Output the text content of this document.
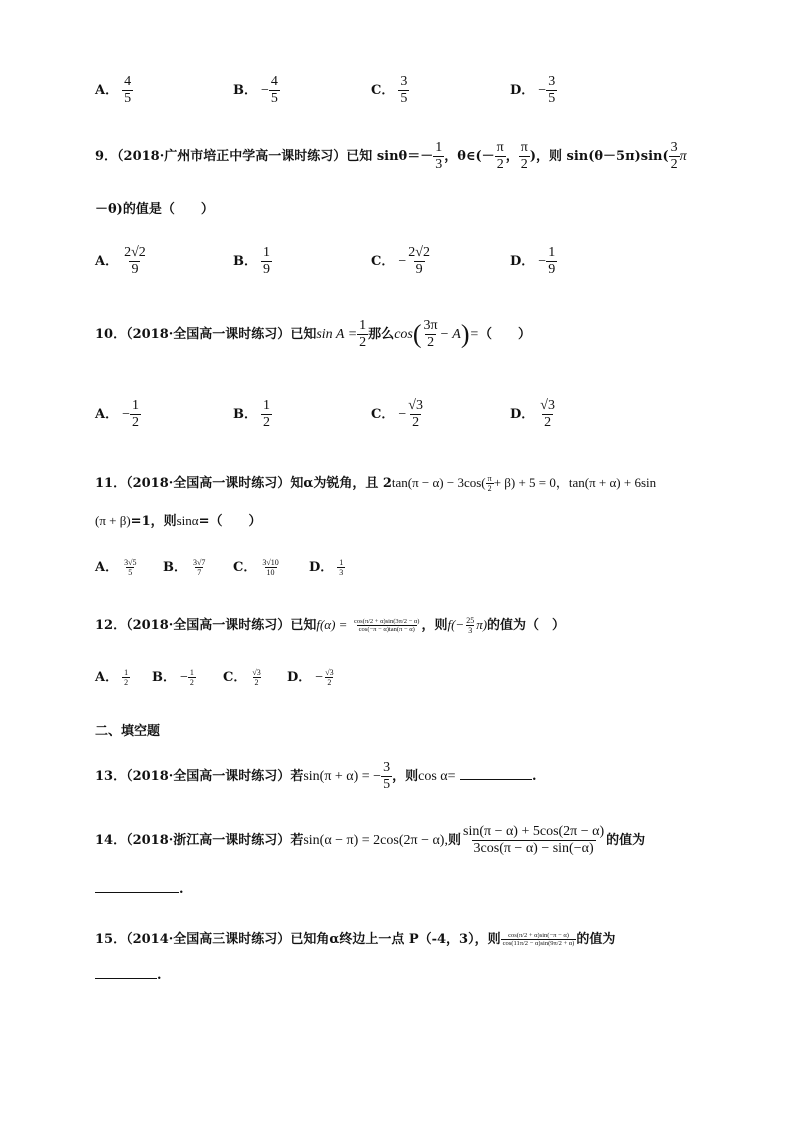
A． $\frac{4}{5}$	B． − $\frac{4}{5}$	C． $\frac{3}{5}$	D． − $\frac{3}{5}$
9．（2018·广州市培正中学高一课时练习）已知 $\sin\theta=- \frac{1}{3}$ ，θ∈(－ $\frac{\pi}{2}$ ， $\frac{\pi}{2}$ )，则 $\sin(\theta-5\pi)\sin( \frac{3}{2}$ π
－θ)的值是（　　）
A． $\frac{2√2}{9}$	B． $\frac{1}{9}$	C． − $\frac{2√2}{9}$	D． − $\frac{1}{9}$
10．（2018·全国高一课时练习）已知$\sin A = \frac{1}{2}$ 那么$\cos( \frac{3\pi}{2} - A)=$（　　）
A． − $\frac{1}{2}$	B． $\frac{1}{2}$	C． − $\frac{√3}{2}$	D． $\frac{√3}{2}$
11．（2018·全国高一课时练习）知α为锐角，且 $2\tan(\pi - \alpha) - 3\cos( \frac{\pi}{2} + \beta) + 5 = 0$，tan(π + α) + 6sin
(π + β)=1，则sinα=（　　）
A． $\frac{3√5}{5}$ B． $\frac{3√7}{7}$ C． $\frac{3√10}{10}$ D． $\frac{1}{3}$
12．（2018·全国高一课时练习）已知$f(\alpha) = \frac{\cos(\pi/2 + \alpha)\sin(3\pi/2 - \alpha)}{\cos(-\pi - \alpha)\tan(\pi - \alpha)}$ ，则$f(- \frac{25}{3} \pi)$的值为（　）
A． $\frac{1}{2}$ B． − $\frac{1}{2}$ C． $\frac{√3}{2}$ D． − $\frac{√3}{2}$
二、填空题
13．（2018·全国高一课时练习）若sin(π + α) = − $\frac{3}{5}$ ，则cos α=	.
14．（2018·浙江高一课时练习）若sin(α − π) = 2cos(2π − α),则 $\frac{\sin(\pi - \alpha) + 5\cos(2\pi - \alpha)}{3\cos(\pi - \alpha) - \sin(-\alpha)}$ 的值为
.
15．（2014·全国高三课时练习）已知角α终边上一点 P（-4，3），则 $\frac{\cos(\pi/2 + \alpha)\sin(-\pi - \alpha)}{\cos(11\pi/2 - \alpha)\sin(9\pi/2 + \alpha)}$ 的值为
.
